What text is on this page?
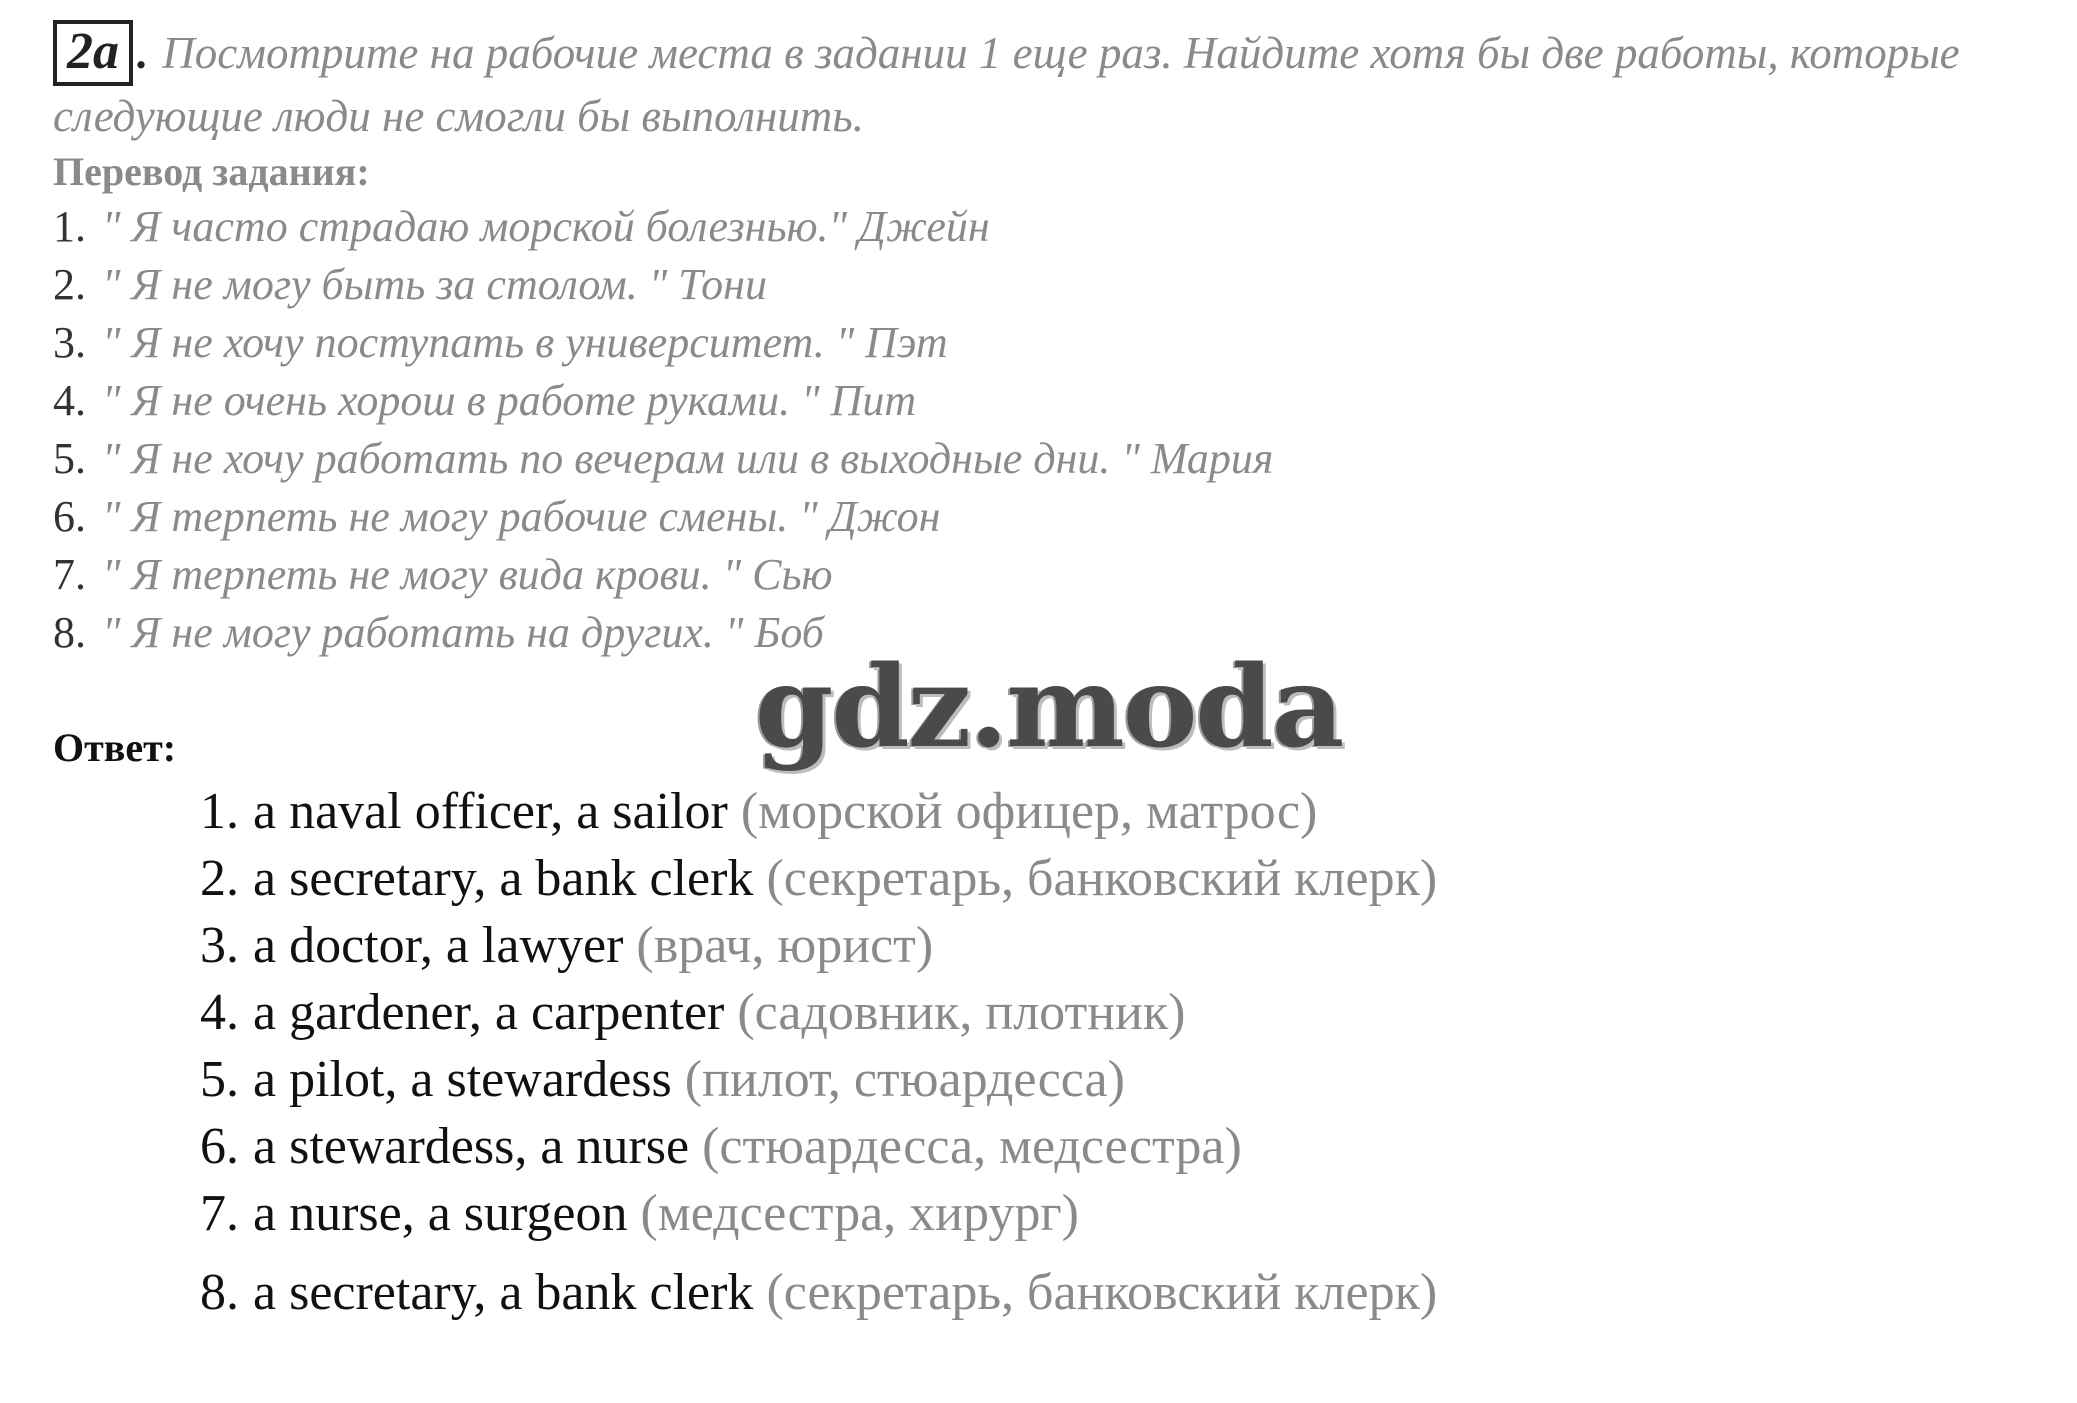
2a . Посмотрите на рабочие места в задании 1 еще раз. Найдите хотя бы две работы, которые следующие люди не смогли бы выполнить.
Перевод задания:
1. " Я часто страдаю морской болезнью." Джейн
2. " Я не могу быть за столом. " Тони
3. " Я не хочу поступать в университет. " Пэт
4. " Я не очень хорош в работе руками. " Пит
5. " Я не хочу работать по вечерам или в выходные дни. " Мария
6. " Я терпеть не могу рабочие смены. " Джон
7. " Я терпеть не могу вида крови. " Сью
8. " Я не могу работать на других. " Боб
gdz.moda
Ответ:
1. a naval officer, a sailor (морской офицер, матрос)
2. a secretary, a bank clerk (секретарь, банковский клерк)
3. a doctor, a lawyer (врач, юрист)
4. a gardener, a carpenter (садовник, плотник)
5. a pilot, a stewardess (пилот, стюардесса)
6. a stewardess, a nurse (стюардесса, медсестра)
7. a nurse, a surgeon (медсестра, хирург)
8. a secretary, a bank clerk (секретарь, банковский клерк)
